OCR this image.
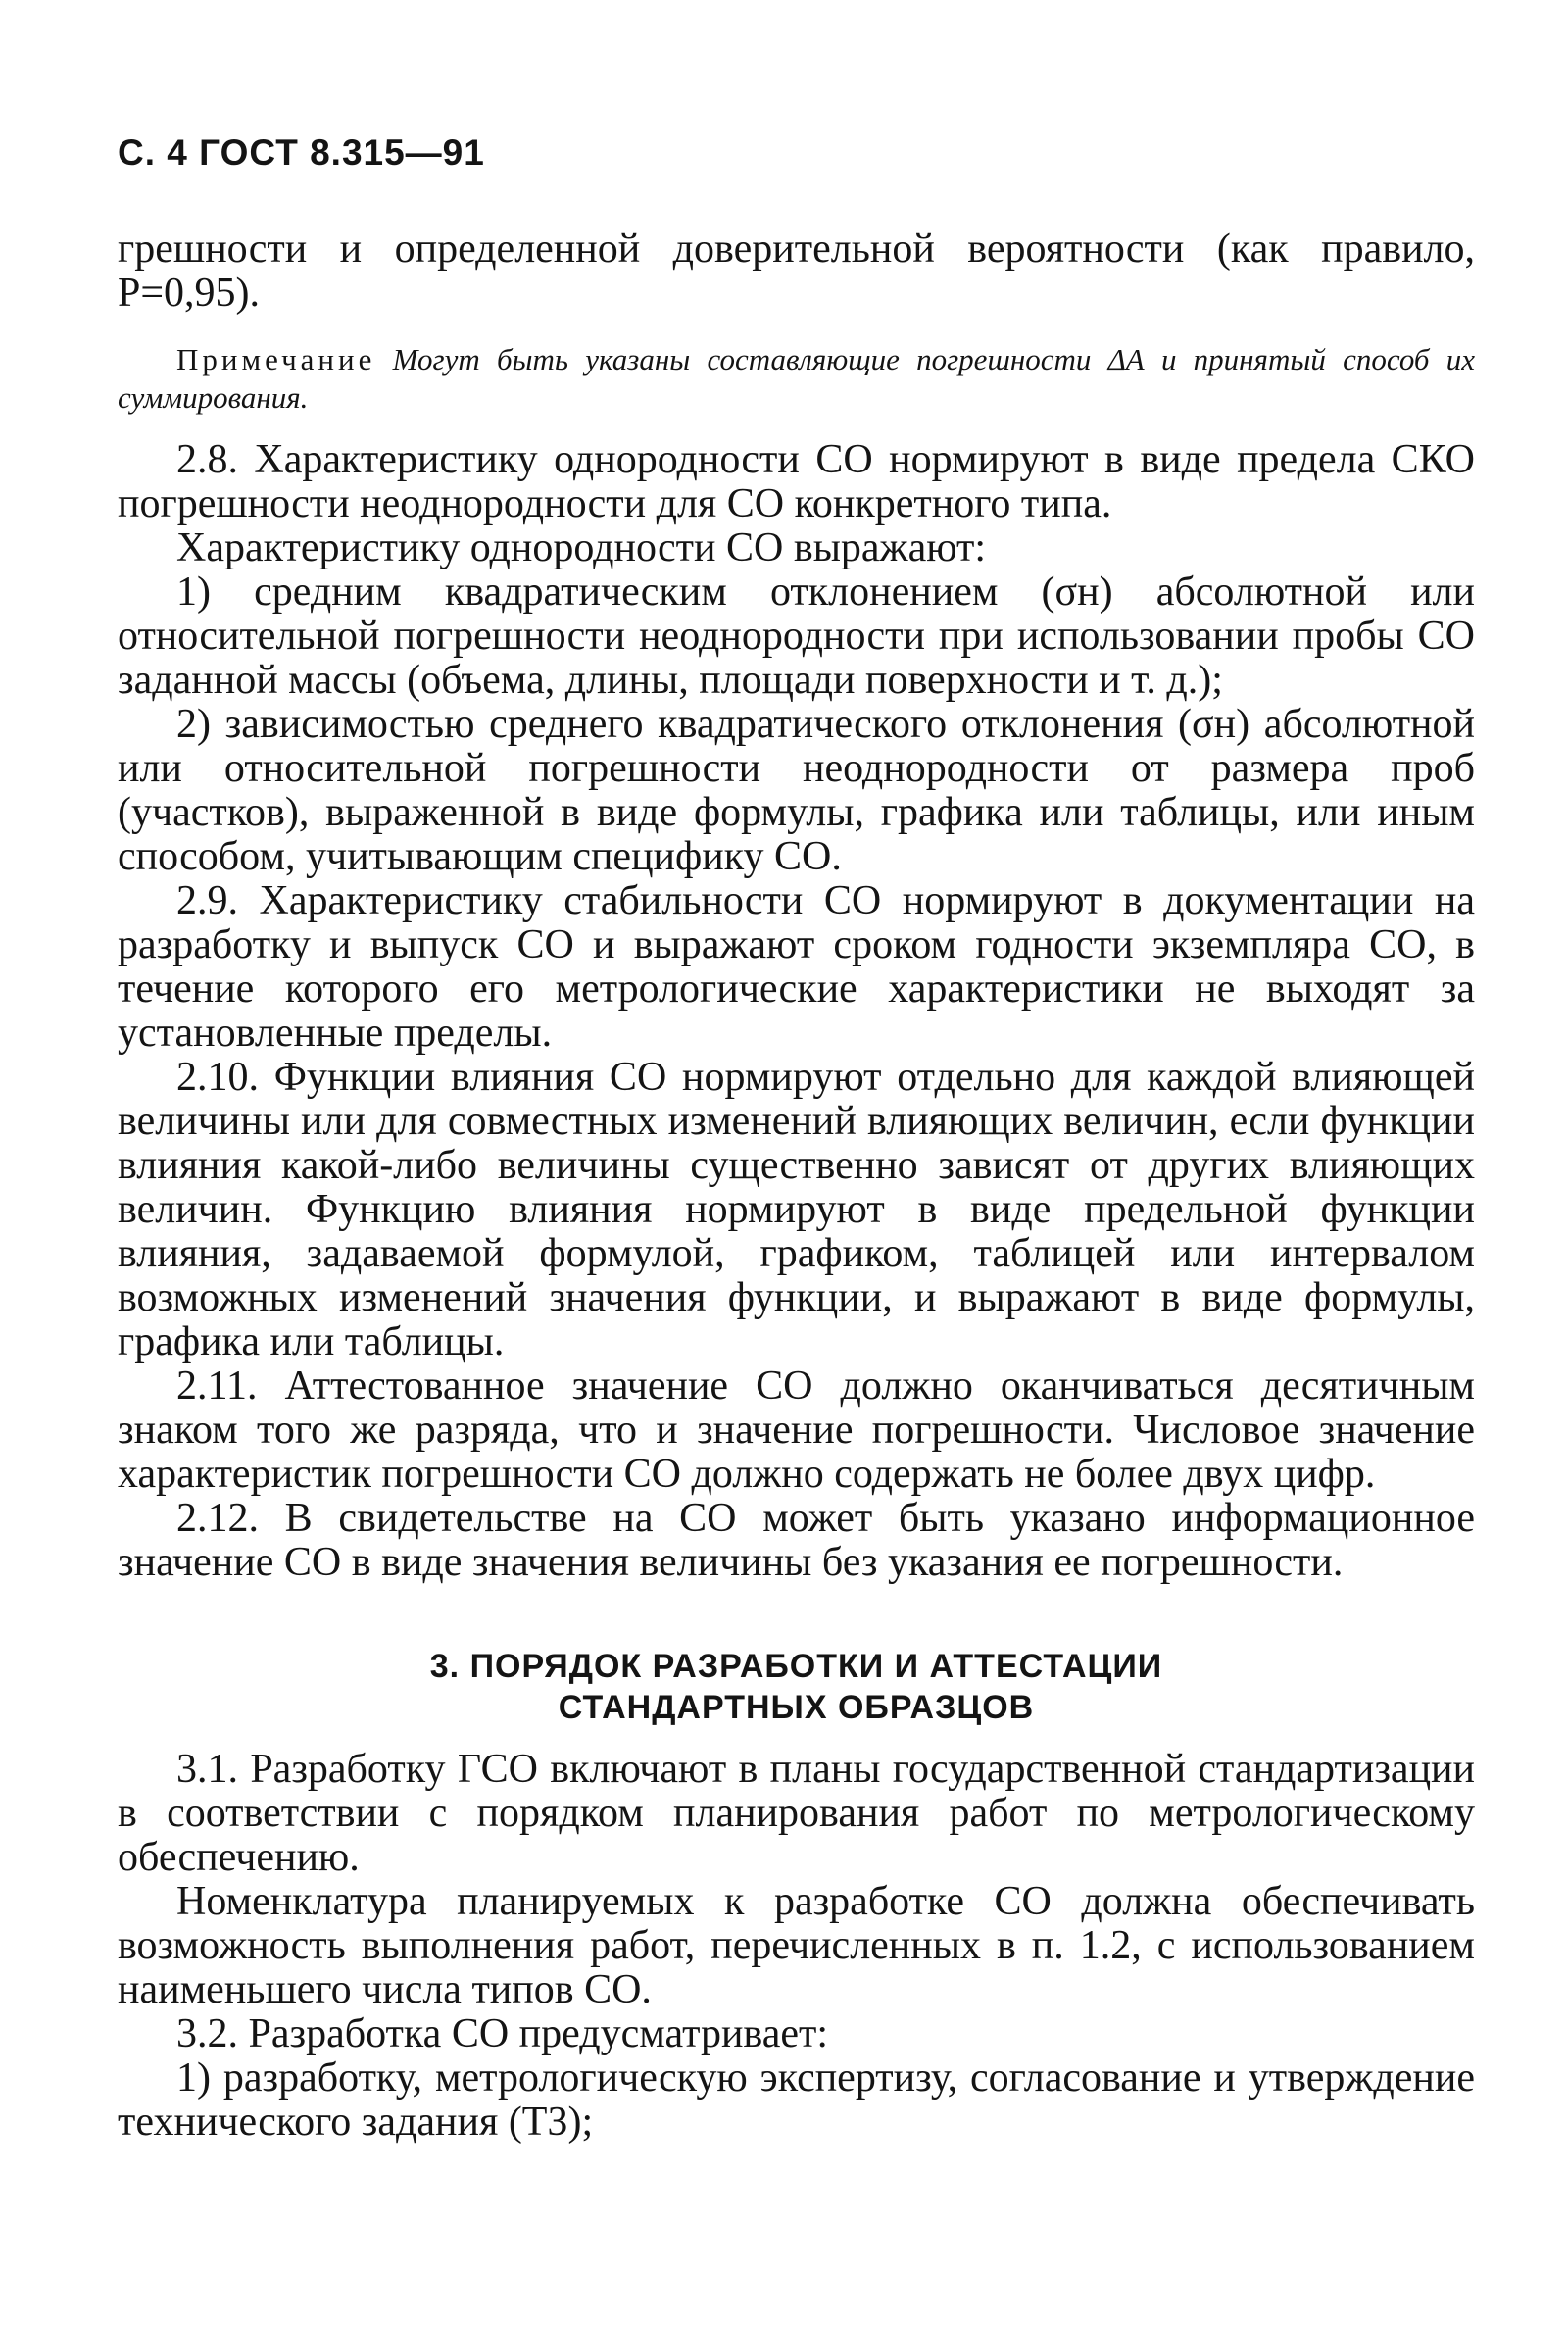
С. 4 ГОСТ 8.315—91

грешности и определенной доверительной вероятности (как правило, Р=0,95).

Примечание Могут быть указаны составляющие погрешности ΔА и принятый способ их суммирования.

2.8. Характеристику однородности СО нормируют в виде предела СКО погрешности неоднородности для СО конкретного типа.

Характеристику однородности СО выражают:

1) средним квадратическим отклонением (σн) абсолютной или относительной погрешности неоднородности при использовании пробы СО заданной массы (объема, длины, площади поверхности и т. д.);

2) зависимостью среднего квадратического отклонения (σн) абсолютной или относительной погрешности неоднородности от размера проб (участков), выраженной в виде формулы, графика или таблицы, или иным способом, учитывающим специфику СО.

2.9. Характеристику стабильности СО нормируют в документации на разработку и выпуск СО и выражают сроком годности экземпляра СО, в течение которого его метрологические характеристики не выходят за установленные пределы.

2.10. Функции влияния СО нормируют отдельно для каждой влияющей величины или для совместных изменений влияющих величин, если функции влияния какой-либо величины существенно зависят от других влияющих величин. Функцию влияния нормируют в виде предельной функции влияния, задаваемой формулой, графиком, таблицей или интервалом возможных изменений значения функции, и выражают в виде формулы, графика или таблицы.

2.11. Аттестованное значение СО должно оканчиваться десятичным знаком того же разряда, что и значение погрешности. Числовое значение характеристик погрешности СО должно содержать не более двух цифр.

2.12. В свидетельстве на СО может быть указано информационное значение СО в виде значения величины без указания ее погрешности.

3. ПОРЯДОК РАЗРАБОТКИ И АТТЕСТАЦИИ
СТАНДАРТНЫХ ОБРАЗЦОВ

3.1. Разработку ГСО включают в планы государственной стандартизации в соответствии с порядком планирования работ по метрологическому обеспечению.

Номенклатура планируемых к разработке СО должна обеспечивать возможность выполнения работ, перечисленных в п. 1.2, с использованием наименьшего числа типов СО.

3.2. Разработка СО предусматривает:

1) разработку, метрологическую экспертизу, согласование и утверждение технического задания (ТЗ);
